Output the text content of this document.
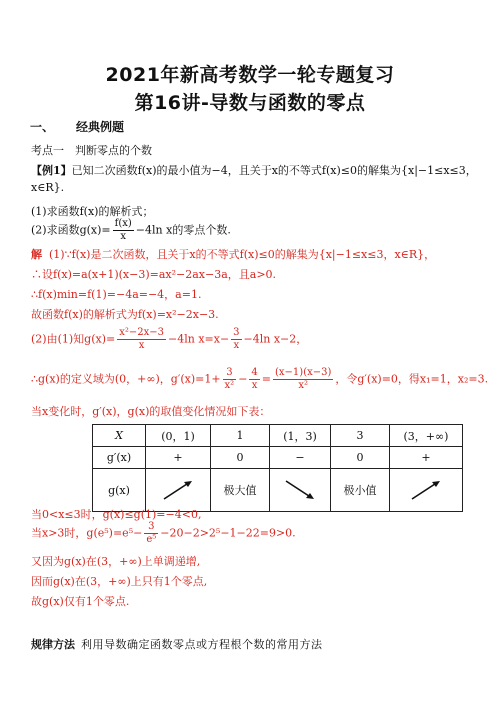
2021年新高考数学一轮专题复习
第16讲-导数与函数的零点
一、 经典例题
考点一　判断零点的个数
【例1】已知二次函数f(x)的最小值为−4，且关于x的不等式f(x)≤0的解集为{x|−1≤x≤3，
x∈R}.
(1)求函数f(x)的解析式；
(2)求函数$g(x)= \frac{f(x)}{x} -4\ln$ x的零点个数.
解 (1)∵f(x)是二次函数，且关于x的不等式f(x)≤0的解集为{x|−1≤x≤3，x∈R}，
∴设f(x)=a(x+1)(x−3)=ax²−2ax−3a，且a>0.
∴f(x)min=f(1)=−4a=−4，a=1.
故函数f(x)的解析式为f(x)=x²−2x−3.
(2)由(1)知$g(x)= \frac{\text{x²−2x−3}}{x} -4\ln$ $x=x- \frac{3}{x} -4\ln$ x−2，
∴g(x)的定义域为(0，+∞)，$g'(x)=1+ \frac{3}{\text{x²}} - \frac{4}{x} = \frac{(x-1)(x-3)}{\text{x²}}$ ，令g′(x)=0，得x₁=1，x₂=3.
当x变化时，g′(x)，g(x)的取值变化情况如下表：
X	(0，1)	1	(1，3)	3	(3，+∞)
g′(x)	+	0	−	0	+
g(x)		极大值		极小值	
当0<x≤3时，g(x)≤g(1)=−4<0,
当x>3时，$g(e^5)=e^5- \frac{3}{\text{e⁵}} -20-2>2^5-1-22=9>0$.
又因为g(x)在(3，+∞)上单调递增,
因而g(x)在(3，+∞)上只有1个零点,
故g(x)仅有1个零点.
规律方法 利用导数确定函数零点或方程根个数的常用方法
